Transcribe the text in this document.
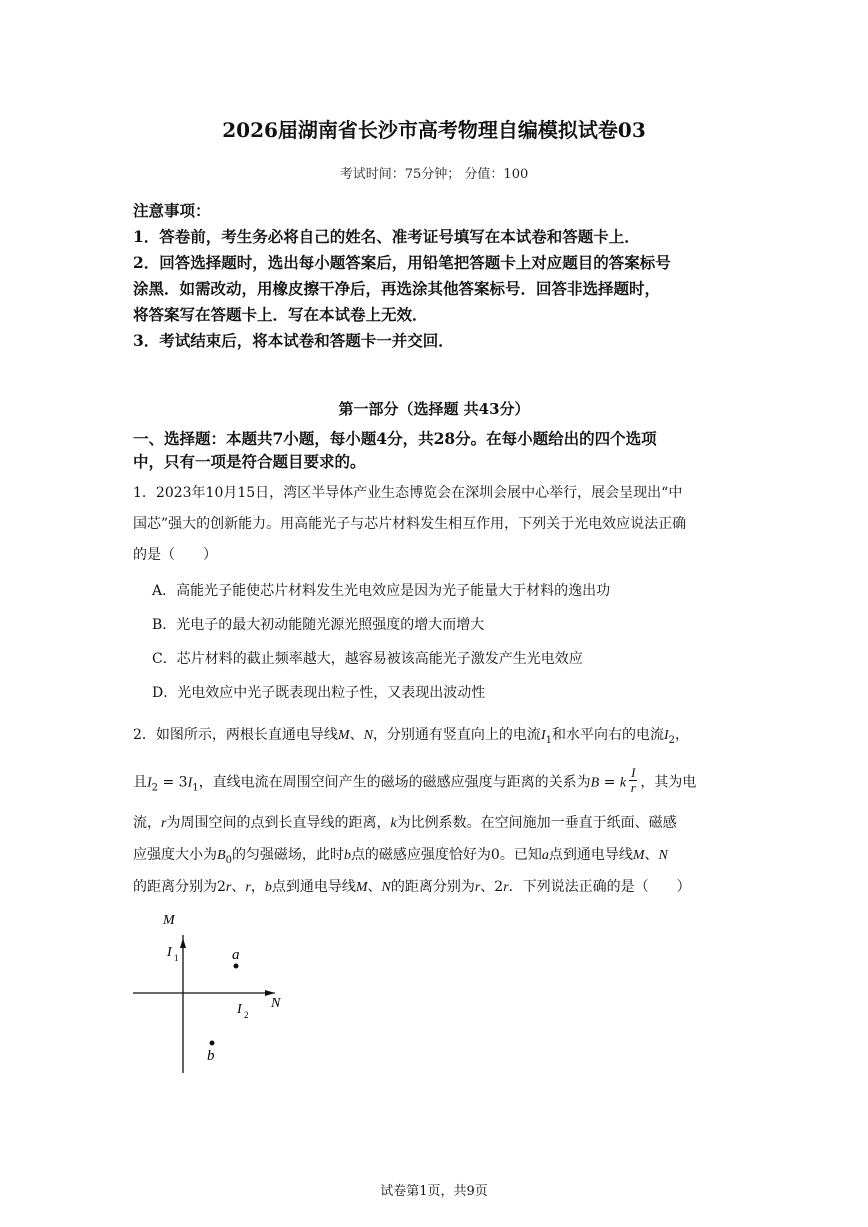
2026届湖南省长沙市高考物理自编模拟试卷03
考试时间：75分钟； 分值：100
注意事项：
1．答卷前，考生务必将自己的姓名、准考证号填写在本试卷和答题卡上．
2．回答选择题时，选出每小题答案后，用铅笔把答题卡上对应题目的答案标号
涂黑．如需改动，用橡皮擦干净后，再选涂其他答案标号．回答非选择题时，
将答案写在答题卡上．写在本试卷上无效．
3．考试结束后，将本试卷和答题卡一并交回．
第一部分（选择题 共43分）
一、选择题：本题共7小题，每小题4分，共28分。在每小题给出的四个选项
中，只有一项是符合题目要求的。
1．2023年10月15日，湾区半导体产业生态博览会在深圳会展中心举行，展会呈现出“中
国芯”强大的创新能力。用高能光子与芯片材料发生相互作用，下列关于光电效应说法正确
的是（　　）
A．高能光子能使芯片材料发生光电效应是因为光子能量大于材料的逸出功
B．光电子的最大初动能随光源光照强度的增大而增大
C．芯片材料的截止频率越大，越容易被该高能光子激发产生光电效应
D．光电效应中光子既表现出粒子性，又表现出波动性
2．如图所示，两根长直通电导线M、N，分别通有竖直向上的电流$I_1$和水平向右的电流$I_2$，
且$I_2 = 3I_1$，直线电流在周围空间产生的磁场的磁感应强度与距离的关系为B = k $\frac{I}{r}$ ，其为电
流，r为周围空间的点到长直导线的距离，k为比例系数。在空间施加一垂直于纸面、磁感
应强度大小为$B_0$的匀强磁场，此时b点的磁感应强度恰好为0。已知a点到通电导线M、N
的距离分别为2r、r，b点到通电导线M、N的距离分别为r、2r．下列说法正确的是（　　）
M
N
I 1
I 2
a
b
试卷第1页，共9页
